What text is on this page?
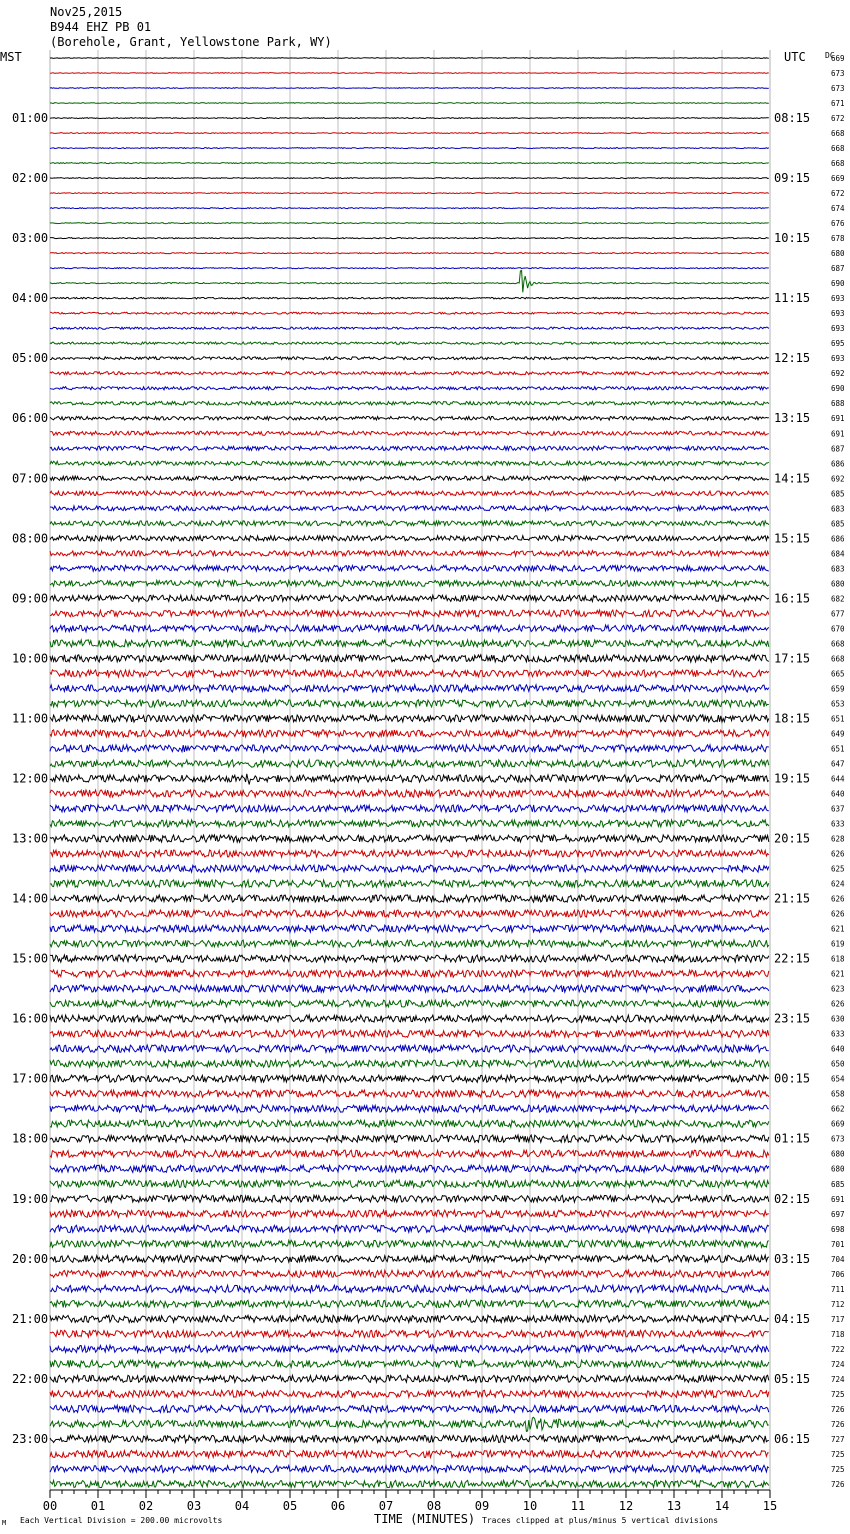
Nov25,2015
B944 EHZ PB 01
(Borehole, Grant, Yellowstone Park, WY)
MST	UTC DC
01:00
02:00
03:00
04:00
05:00
06:00
07:00
08:00
09:00
10:00
11:00
12:00
13:00
14:00
15:00
16:00
17:00
18:00
19:00
20:00
21:00
22:00
23:00
08:15
09:15
10:15
11:15
12:15
13:15
14:15
15:15
16:15
17:15
18:15
19:15
20:15
21:15
22:15
23:15
00:15
01:15
02:15
03:15
04:15
05:15
06:15
669
673
673
671
672
668
668
668
669
672
674
676
678
680
687
690
693
693
693
695
693
692
690
688
691
691
687
686
692
685
683
685
686
684
683
680
682
677
670
668
668
665
659
653
651
649
651
647
644
640
637
633
628
626
625
624
626
626
621
619
618
621
623
626
630
633
640
650
654
658
662
669
673
680
680
685
691
697
698
701
704
706
711
712
717
718
722
724
724
725
726
726
727
725
725
726
00	01	02	03	04	05	06	07	08	09	10	11	12	13	14	15
TIME (MINUTES)
M Each Vertical Division = 200.00 microvolts	Traces clipped at plus/minus 5 vertical divisions
